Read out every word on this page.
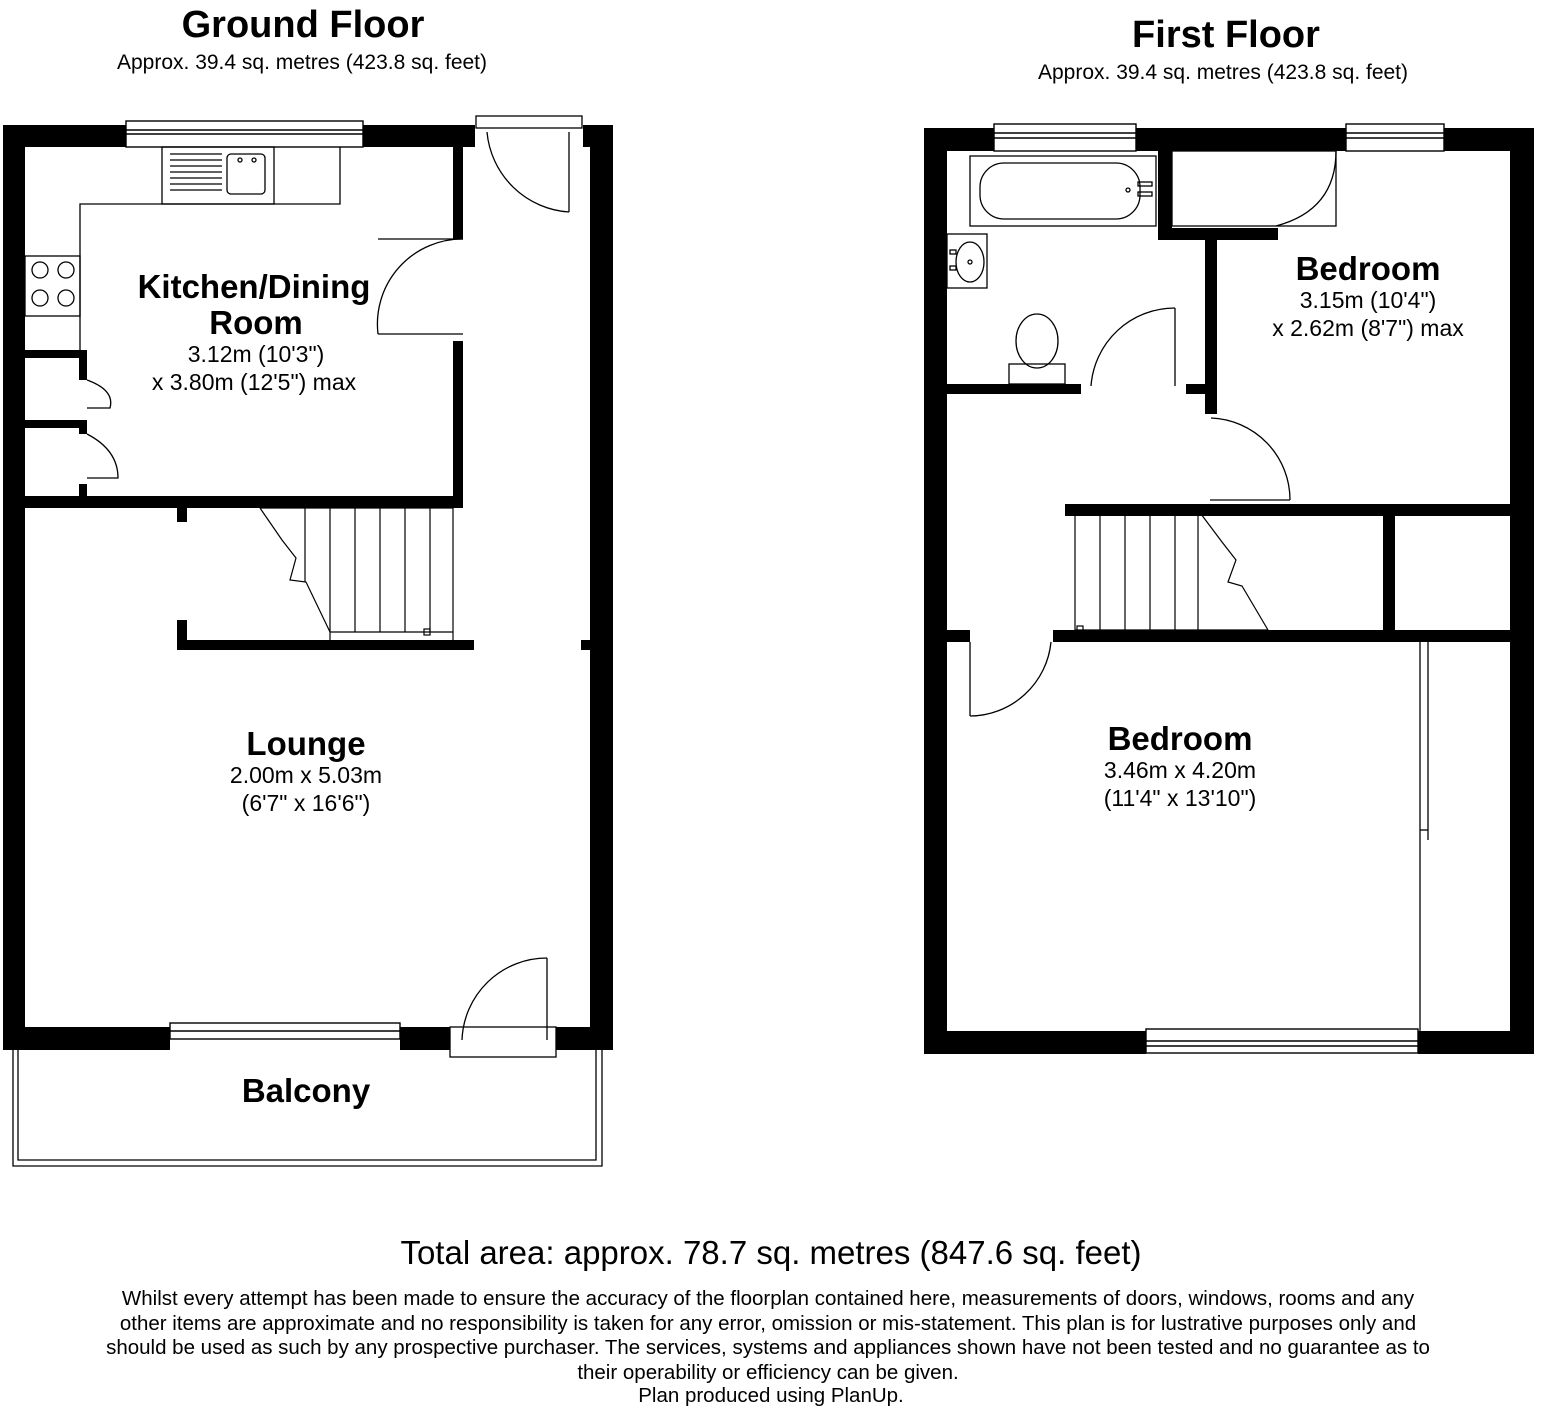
Ground Floor
Approx. 39.4 sq. metres (423.8 sq. feet)
Kitchen/Dining
Room
3.12m (10'3")
x 3.80m (12'5") max
Lounge
2.00m x 5.03m
(6'7" x 16'6")
Balcony
First Floor
Approx. 39.4 sq. metres (423.8 sq. feet)
Bedroom
3.15m (10'4")
x 2.62m (8'7") max
Bedroom
3.46m x 4.20m
(11'4" x 13'10")
Total area: approx. 78.7 sq. metres (847.6 sq. feet)
Whilst every attempt has been made to ensure the accuracy of the floorplan contained here, measurements of doors, windows, rooms and any other items are approximate and no responsibility is taken for any error, omission or mis-statement. This plan is for lustrative purposes only and should be used as such by any prospective purchaser. The services, systems and appliances shown have not been tested and no guarantee as to their operability or efficiency can be given.
Plan produced using PlanUp.
